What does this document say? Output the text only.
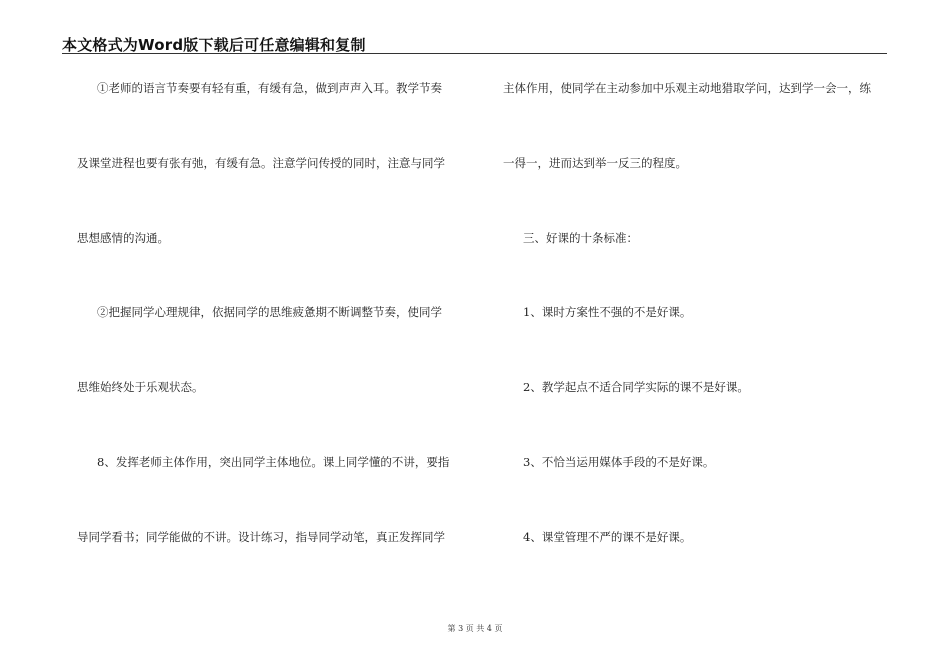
本文格式为Word版下载后可任意编辑和复制
①老师的语言节奏要有轻有重，有缓有急，做到声声入耳。教学节奏
及课堂进程也要有张有弛，有缓有急。注意学问传授的同时，注意与同学
思想感情的沟通。
②把握同学心理规律，依据同学的思维疲惫期不断调整节奏，使同学
思维始终处于乐观状态。
8、发挥老师主体作用，突出同学主体地位。课上同学懂的不讲，要指
导同学看书；同学能做的不讲。设计练习，指导同学动笔，真正发挥同学
主体作用，使同学在主动参加中乐观主动地猎取学问，达到学一会一，练
一得一，进而达到举一反三的程度。
三、好课的十条标准：
1、课时方案性不强的不是好课。
2、教学起点不适合同学实际的课不是好课。
3、不恰当运用媒体手段的不是好课。
4、课堂管理不严的课不是好课。
第 3 页 共 4 页
